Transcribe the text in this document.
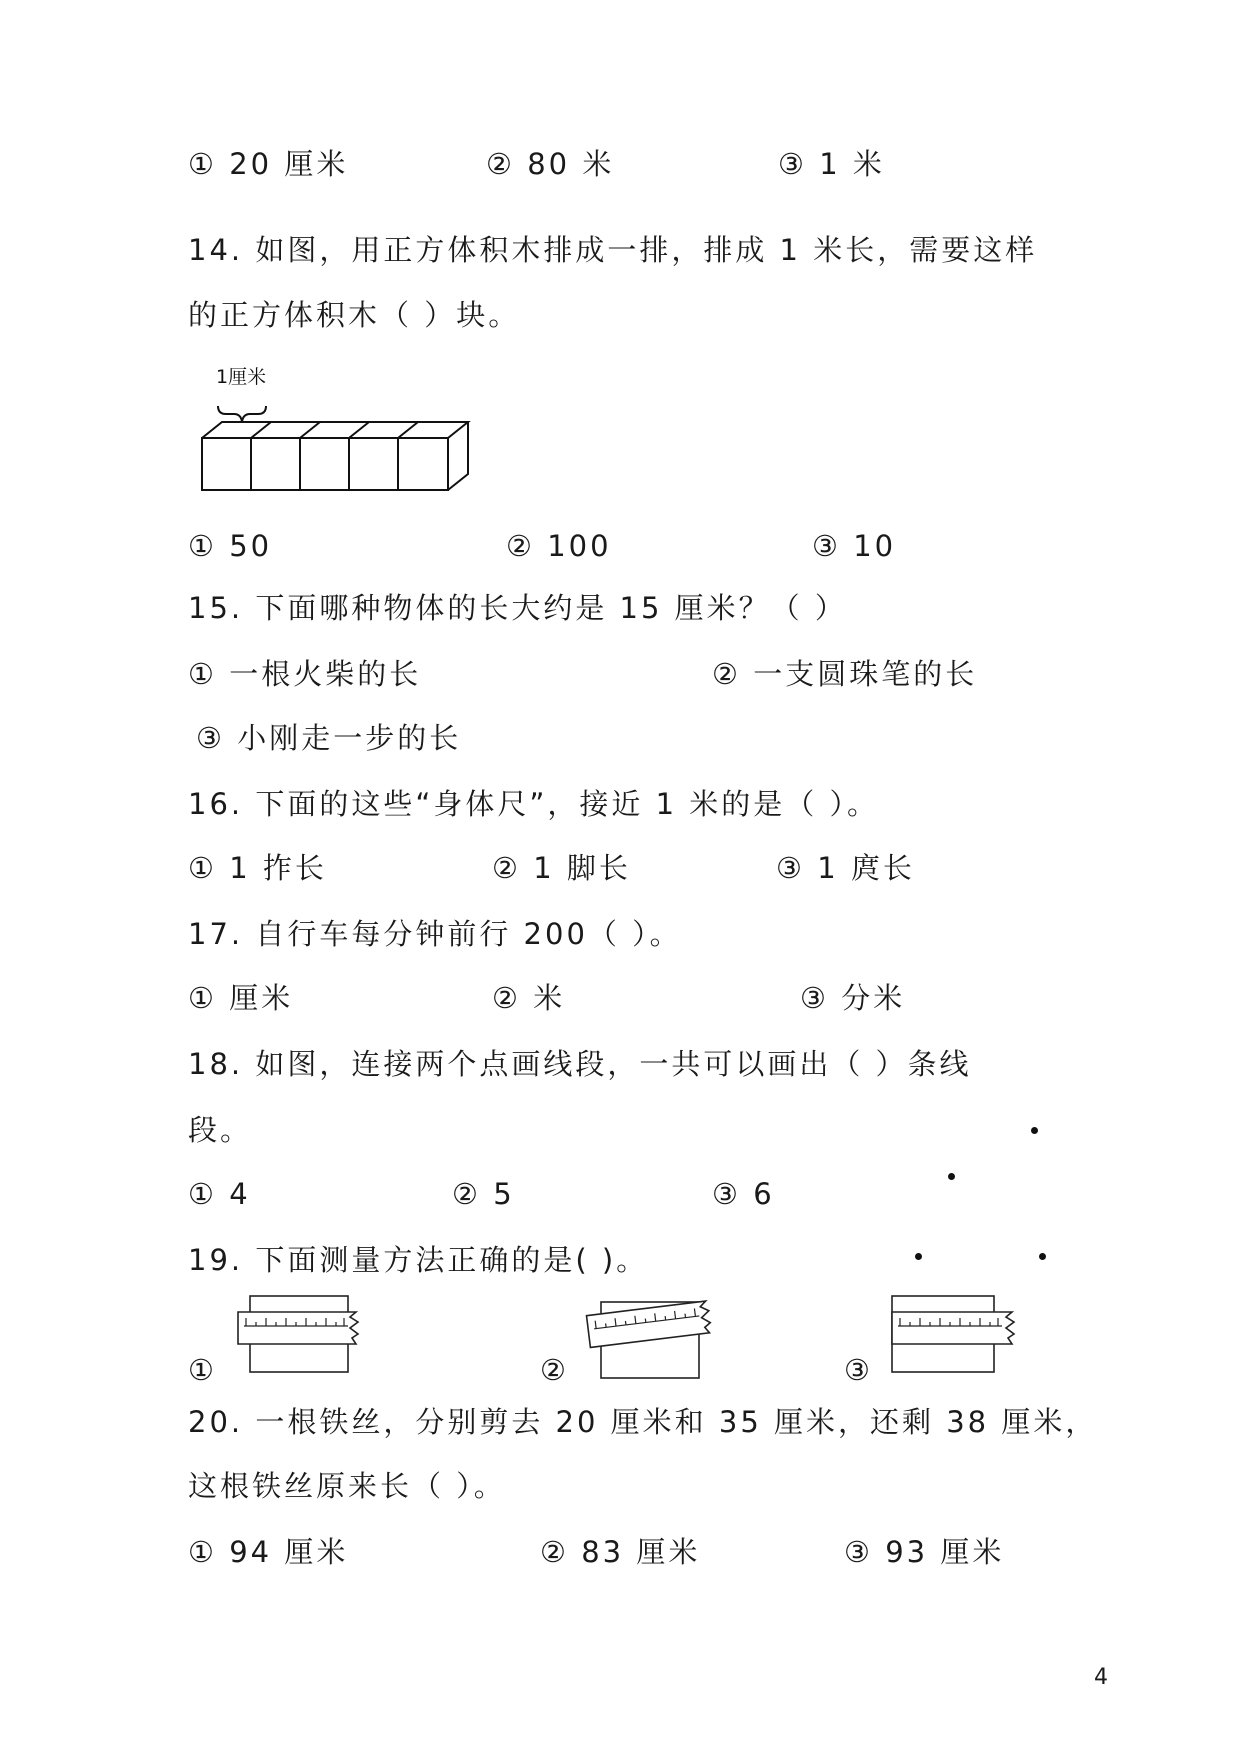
① 20 厘米	② 80 米	③ 1 米
14. 如图，用正方体积木排成一排，排成 1 米长，需要这样
的正方体积木（ ）块。
1厘米
① 50	② 100	③ 10
15. 下面哪种物体的长大约是 15 厘米？（ ）
① 一根火柴的长	② 一支圆珠笔的长
③ 小刚走一步的长
16. 下面的这些“身体尺”，接近 1 米的是（ ）。
① 1 拃长	② 1 脚长	③ 1 庹长
17. 自行车每分钟前行 200（ ）。
① 厘米	② 米	③ 分米
18. 如图，连接两个点画线段，一共可以画出（ ）条线
段。
① 4	② 5	③ 6
19. 下面测量方法正确的是( )。
①	②	③
20. 一根铁丝，分别剪去 20 厘米和 35 厘米，还剩 38 厘米，
这根铁丝原来长（ ）。
① 94 厘米	② 83 厘米	③ 93 厘米
4
